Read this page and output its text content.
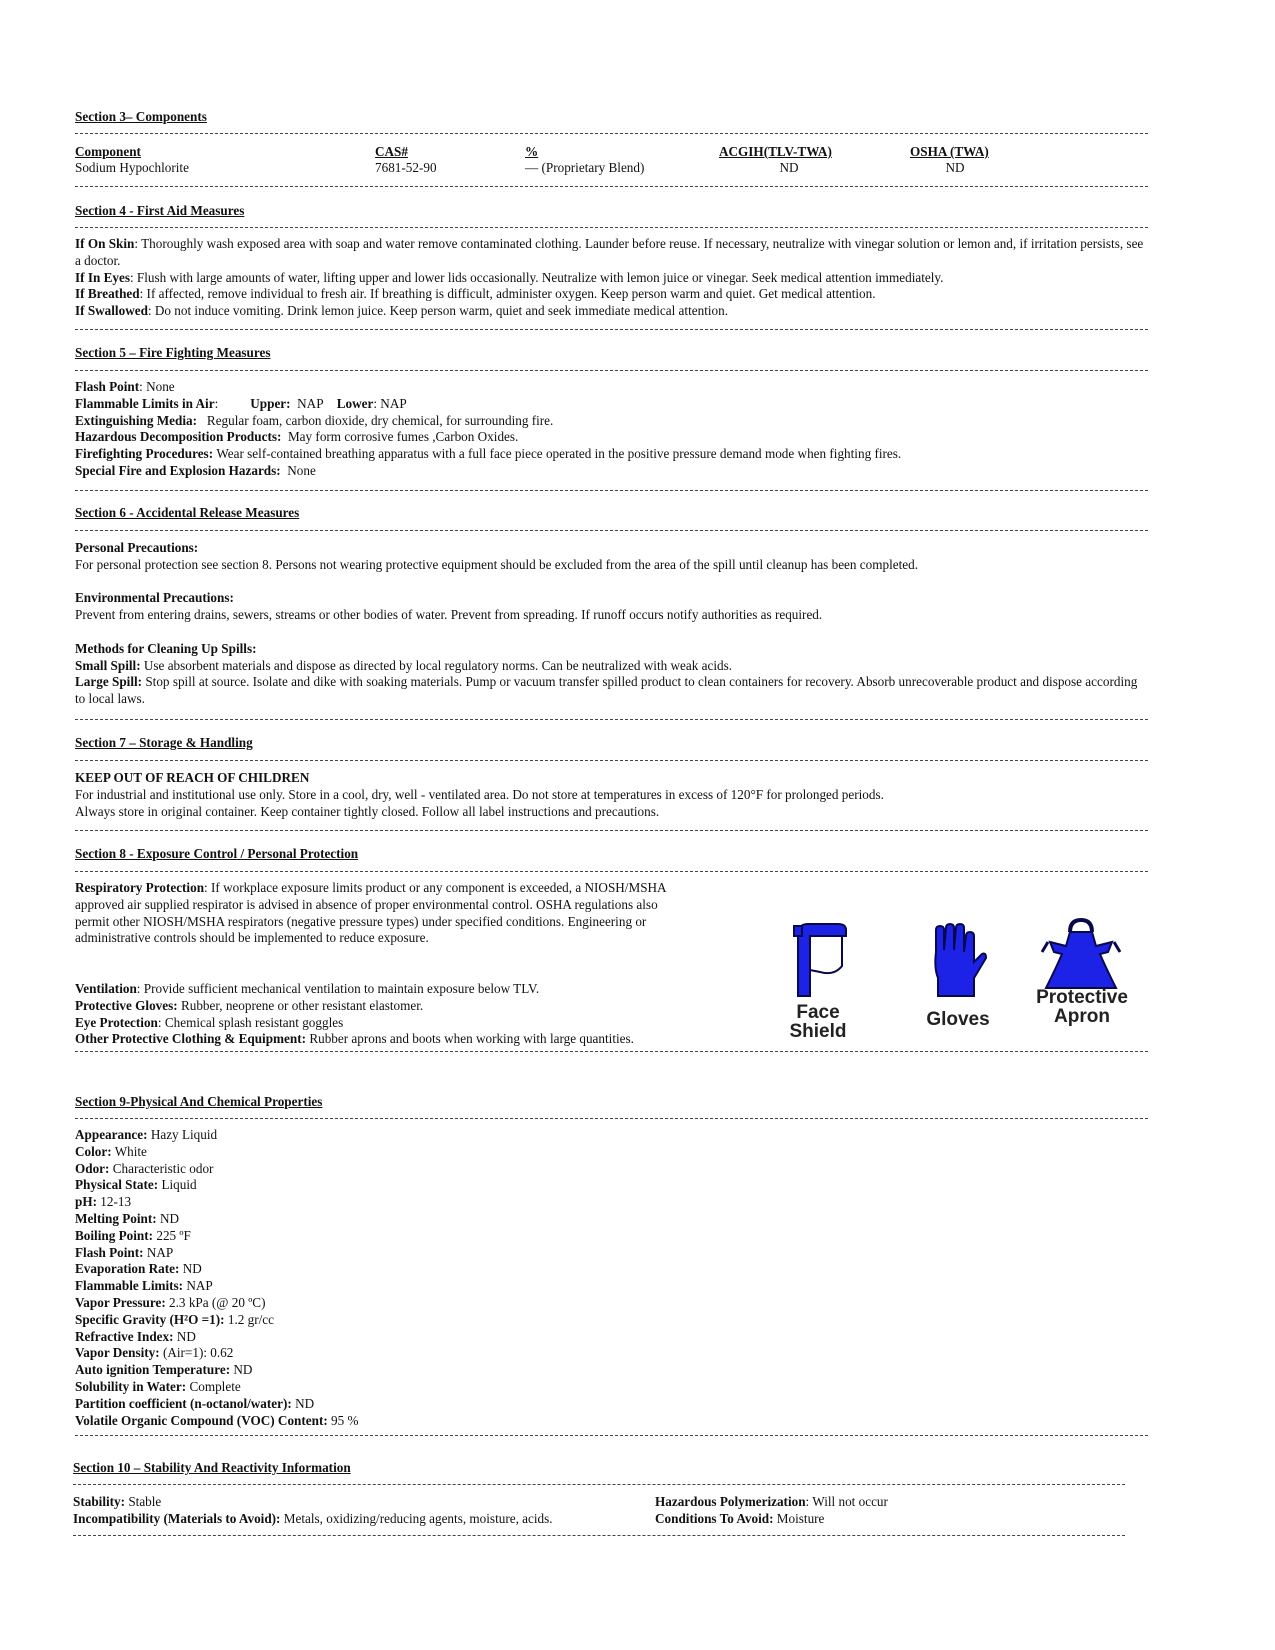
Section 3– Components
Component	CAS#	%	ACGIH(TLV-TWA)	OSHA (TWA)
Sodium Hypochlorite	7681-52-90	— (Proprietary Blend)	ND	ND
Section 4 - First Aid Measures

If On Skin: Thoroughly wash exposed area with soap and water remove contaminated clothing. Launder before reuse. If necessary, neutralize with vinegar solution or lemon and, if irritation persists, see a doctor.

If In Eyes: Flush with large amounts of water, lifting upper and lower lids occasionally. Neutralize with lemon juice or vinegar. Seek medical attention immediately.

If Breathed: If affected, remove individual to fresh air. If breathing is difficult, administer oxygen. Keep person warm and quiet. Get medical attention.

If Swallowed: Do not induce vomiting. Drink lemon juice. Keep person warm, quiet and seek immediate medical attention.

Section 5 – Fire Fighting Measures

Flash Point: None

Flammable Limits in Air: Upper: NAP Lower: NAP

Extinguishing Media: Regular foam, carbon dioxide, dry chemical, for surrounding fire.

Hazardous Decomposition Products: May form corrosive fumes ,Carbon Oxides.

Firefighting Procedures: Wear self-contained breathing apparatus with a full face piece operated in the positive pressure demand mode when fighting fires.

Special Fire and Explosion Hazards: None

Section 6 - Accidental Release Measures

Personal Precautions:

For personal protection see section 8. Persons not wearing protective equipment should be excluded from the area of the spill until cleanup has been completed.

Environmental Precautions:

Prevent from entering drains, sewers, streams or other bodies of water. Prevent from spreading. If runoff occurs notify authorities as required.

Methods for Cleaning Up Spills:

Small Spill: Use absorbent materials and dispose as directed by local regulatory norms. Can be neutralized with weak acids.

Large Spill: Stop spill at source. Isolate and dike with soaking materials. Pump or vacuum transfer spilled product to clean containers for recovery. Absorb unrecoverable product and dispose according to local laws.

Section 7 – Storage & Handling

KEEP OUT OF REACH OF CHILDREN

For industrial and institutional use only. Store in a cool, dry, well - ventilated area. Do not store at temperatures in excess of 120°F for prolonged periods.

Always store in original container. Keep container tightly closed. Follow all label instructions and precautions.

Section 8 - Exposure Control / Personal Protection

Respiratory Protection: If workplace exposure limits product or any component is exceeded, a NIOSH/MSHA approved air supplied respirator is advised in absence of proper environmental control. OSHA regulations also permit other NIOSH/MSHA respirators (negative pressure types) under specified conditions. Engineering or administrative controls should be implemented to reduce exposure.

Ventilation: Provide sufficient mechanical ventilation to maintain exposure below TLV.

Protective Gloves: Rubber, neoprene or other resistant elastomer.

Eye Protection: Chemical splash resistant goggles

Other Protective Clothing & Equipment: Rubber aprons and boots when working with large quantities.

Face
Shield
Gloves
Protective
Apron
Section 9-Physical And Chemical Properties

Appearance: Hazy Liquid

Color: White

Odor: Characteristic odor

Physical State: Liquid

pH: 12-13

Melting Point: ND

Boiling Point: 225 ºF

Flash Point: NAP

Evaporation Rate: ND

Flammable Limits: NAP

Vapor Pressure: 2.3 kPa (@ 20 ºC)

Specific Gravity (H²O =1): 1.2 gr/cc

Refractive Index: ND

Vapor Density: (Air=1): 0.62

Auto ignition Temperature: ND

Solubility in Water: Complete

Partition coefficient (n-octanol/water): ND

Volatile Organic Compound (VOC) Content: 95 %

Section 10 – Stability And Reactivity Information
Stability: Stable
Incompatibility (Materials to Avoid): Metals, oxidizing/reducing agents, moisture, acids.
Hazardous Polymerization: Will not occur
Conditions To Avoid: Moisture
